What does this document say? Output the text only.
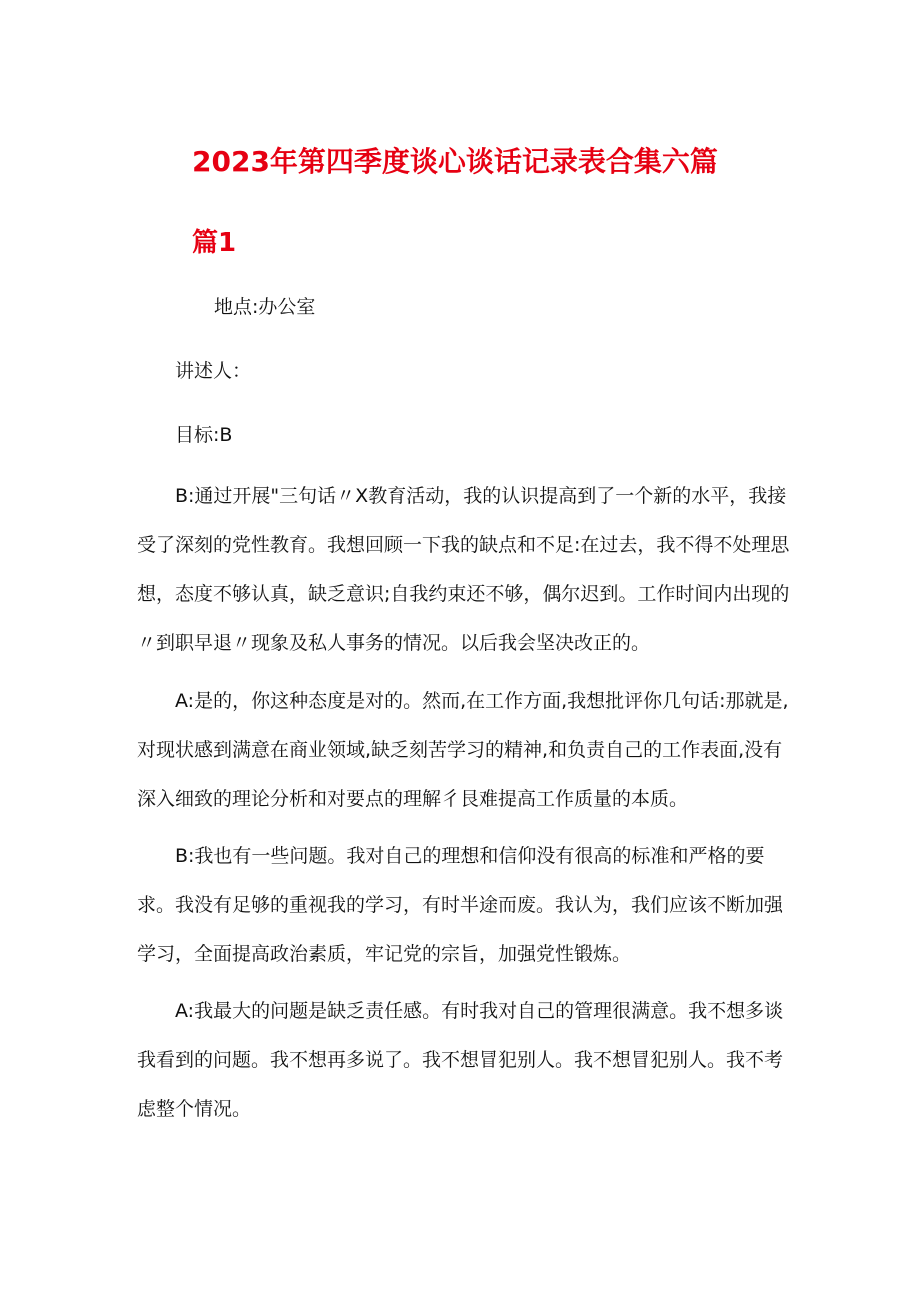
2023年第四季度谈心谈话记录表合集六篇
篇1
地点:办公室
讲述人：
目标:B
B:通过开展"三句话〃X教育活动，我的认识提高到了一个新的水平，我接受了深刻的党性教育。我想回顾一下我的缺点和不足:在过去，我不得不处理思想，态度不够认真，缺乏意识;自我约束还不够，偶尔迟到。工作时间内出现的〃到职早退〃现象及私人事务的情况。以后我会坚决改正的。
A:是的，你这种态度是对的。然而,在工作方面,我想批评你几句话:那就是,对现状感到满意在商业领域,缺乏刻苦学习的精神,和负责自己的工作表面,没有深入细致的理论分析和对要点的理解彳艮难提高工作质量的本质。
B:我也有一些问题。我对自己的理想和信仰没有很高的标准和严格的要求。我没有足够的重视我的学习，有时半途而废。我认为，我们应该不断加强学习，全面提高政治素质，牢记党的宗旨，加强党性锻炼。
A:我最大的问题是缺乏责任感。有时我对自己的管理很满意。我不想多谈我看到的问题。我不想再多说了。我不想冒犯别人。我不想冒犯别人。我不考虑整个情况。
